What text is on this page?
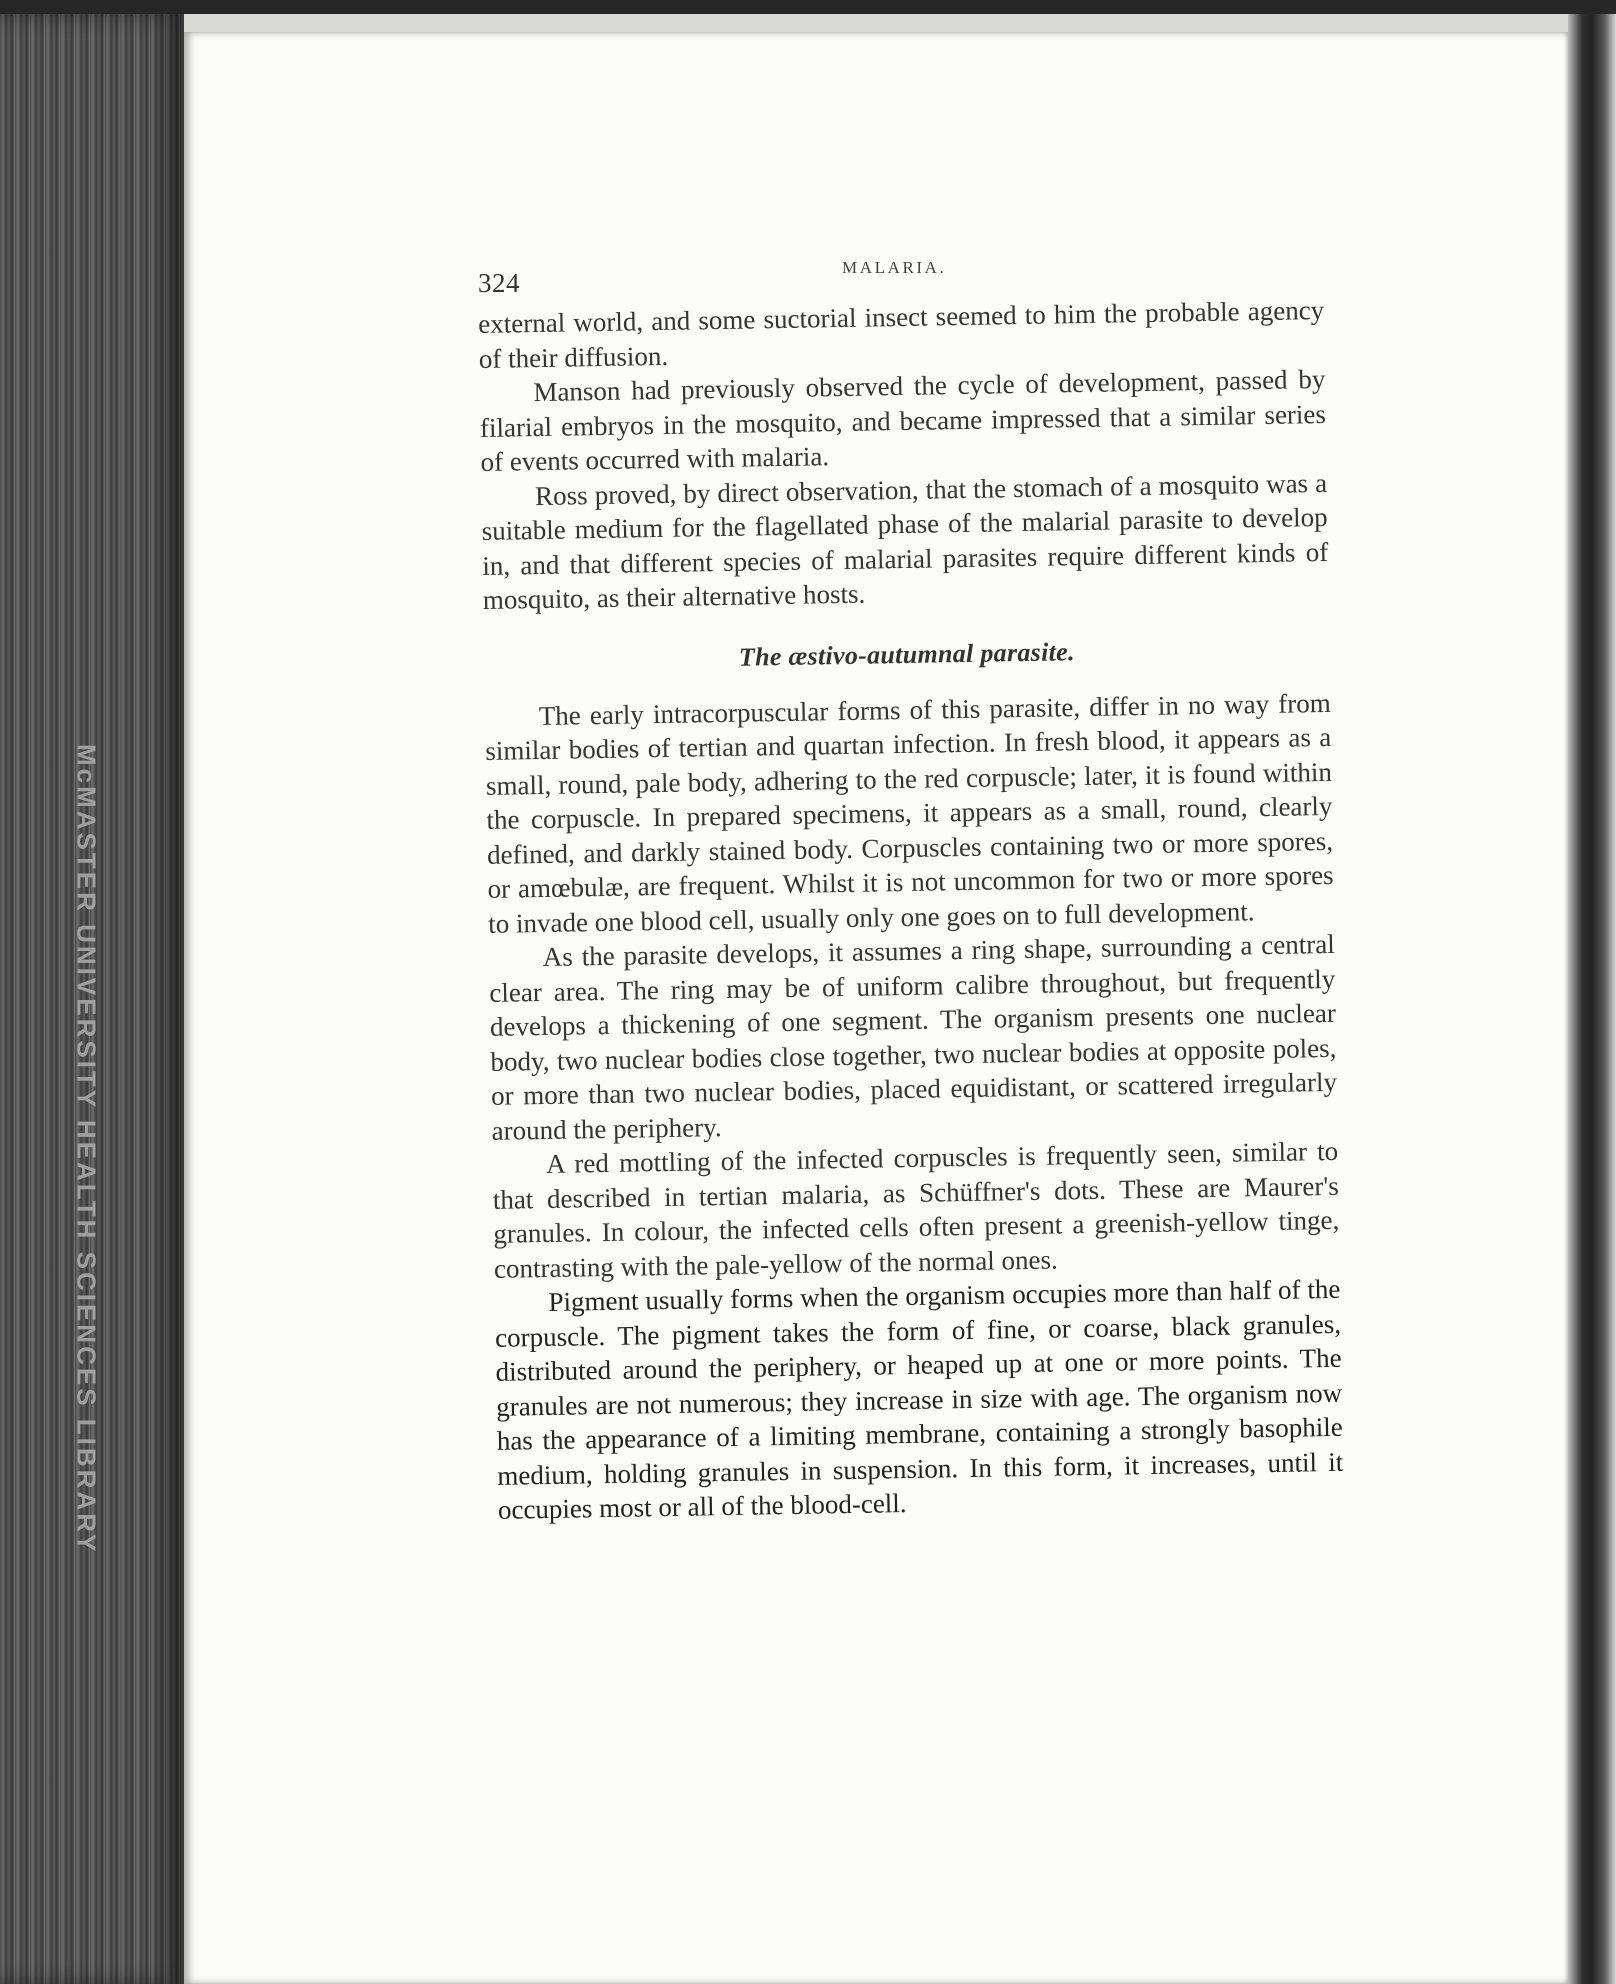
McMASTER UNIVERSITY HEALTH SCIENCES LIBRARY

324

MALARIA.

external world, and some suctorial insect seemed to him the probable agency of their diffusion.

Manson had previously observed the cycle of development, passed by filarial embryos in the mosquito, and became impressed that a similar series of events occurred with malaria.

Ross proved, by direct observation, that the stomach of a mosquito was a suitable medium for the flagellated phase of the malarial parasite to develop in, and that different species of malarial parasites require different kinds of mosquito, as their alternative hosts.

The æstivo-autumnal parasite.

The early intracorpuscular forms of this parasite, differ in no way from similar bodies of tertian and quartan infection. In fresh blood, it appears as a small, round, pale body, adhering to the red corpuscle; later, it is found within the corpuscle. In prepared specimens, it appears as a small, round, clearly defined, and darkly stained body. Corpuscles containing two or more spores, or amœbulæ, are frequent. Whilst it is not uncommon for two or more spores to invade one blood cell, usually only one goes on to full development.

As the parasite develops, it assumes a ring shape, surrounding a central clear area. The ring may be of uniform calibre throughout, but frequently develops a thickening of one segment. The organism presents one nuclear body, two nuclear bodies close together, two nuclear bodies at opposite poles, or more than two nuclear bodies, placed equidistant, or scattered irregularly around the periphery.

A red mottling of the infected corpuscles is frequently seen, similar to that described in tertian malaria, as Schüffner's dots. These are Maurer's granules. In colour, the infected cells often present a greenish-yellow tinge, contrasting with the pale-yellow of the normal ones.

Pigment usually forms when the organism occupies more than half of the corpuscle. The pigment takes the form of fine, or coarse, black granules, distributed around the periphery, or heaped up at one or more points. The granules are not numerous; they increase in size with age. The organism now has the appearance of a limiting membrane, containing a strongly basophile medium, holding granules in suspension. In this form, it increases, until it occupies most or all of the blood-cell.
